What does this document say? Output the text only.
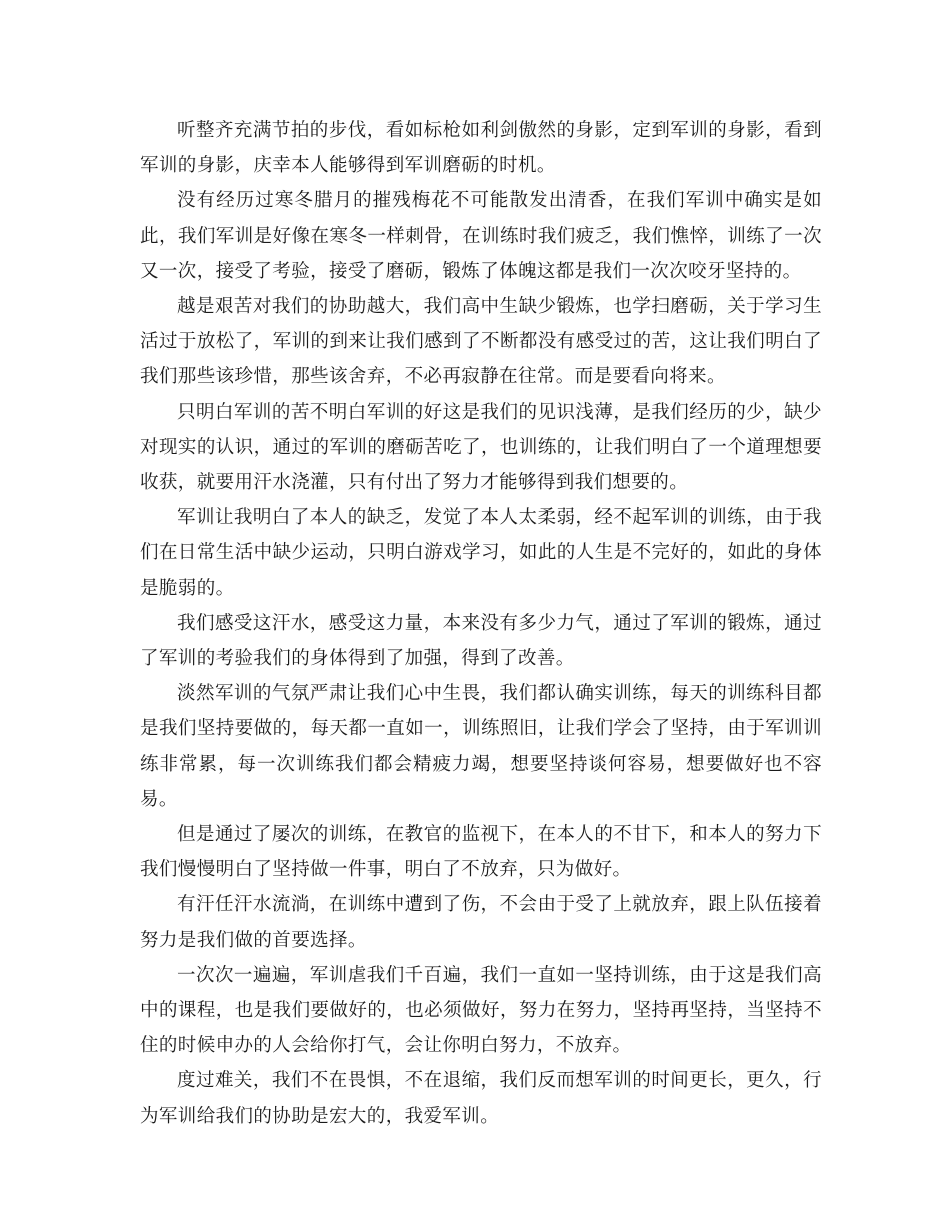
听整齐充满节拍的步伐，看如标枪如利剑傲然的身影，定到军训的身影，看到军训的身影，庆幸本人能够得到军训磨砺的时机。

没有经历过寒冬腊月的摧残梅花不可能散发出清香，在我们军训中确实是如此，我们军训是好像在寒冬一样刺骨，在训练时我们疲乏，我们憔悴，训练了一次又一次，接受了考验，接受了磨砺，锻炼了体魄这都是我们一次次咬牙坚持的。

越是艰苦对我们的协助越大，我们高中生缺少锻炼，也学扫磨砺，关于学习生活过于放松了，军训的到来让我们感到了不断都没有感受过的苦，这让我们明白了我们那些该珍惜，那些该舍弃，不必再寂静在往常。而是要看向将来。

只明白军训的苦不明白军训的好这是我们的见识浅薄，是我们经历的少，缺少对现实的认识，通过的军训的磨砺苦吃了，也训练的，让我们明白了一个道理想要收获，就要用汗水浇灌，只有付出了努力才能够得到我们想要的。

军训让我明白了本人的缺乏，发觉了本人太柔弱，经不起军训的训练，由于我们在日常生活中缺少运动，只明白游戏学习，如此的人生是不完好的，如此的身体是脆弱的。

我们感受这汗水，感受这力量，本来没有多少力气，通过了军训的锻炼，通过了军训的考验我们的身体得到了加强，得到了改善。

淡然军训的气氛严肃让我们心中生畏，我们都认确实训练，每天的训练科目都是我们坚持要做的，每天都一直如一，训练照旧，让我们学会了坚持，由于军训训练非常累，每一次训练我们都会精疲力竭，想要坚持谈何容易，想要做好也不容易。

但是通过了屡次的训练，在教官的监视下，在本人的不甘下，和本人的努力下我们慢慢明白了坚持做一件事，明白了不放弃，只为做好。

有汗任汗水流淌，在训练中遭到了伤，不会由于受了上就放弃，跟上队伍接着努力是我们做的首要选择。

一次次一遍遍，军训虐我们千百遍，我们一直如一坚持训练，由于这是我们高中的课程，也是我们要做好的，也必须做好，努力在努力，坚持再坚持，当坚持不住的时候申办的人会给你打气，会让你明白努力，不放弃。

度过难关，我们不在畏惧，不在退缩，我们反而想军训的时间更长，更久，行为军训给我们的协助是宏大的，我爱军训。
